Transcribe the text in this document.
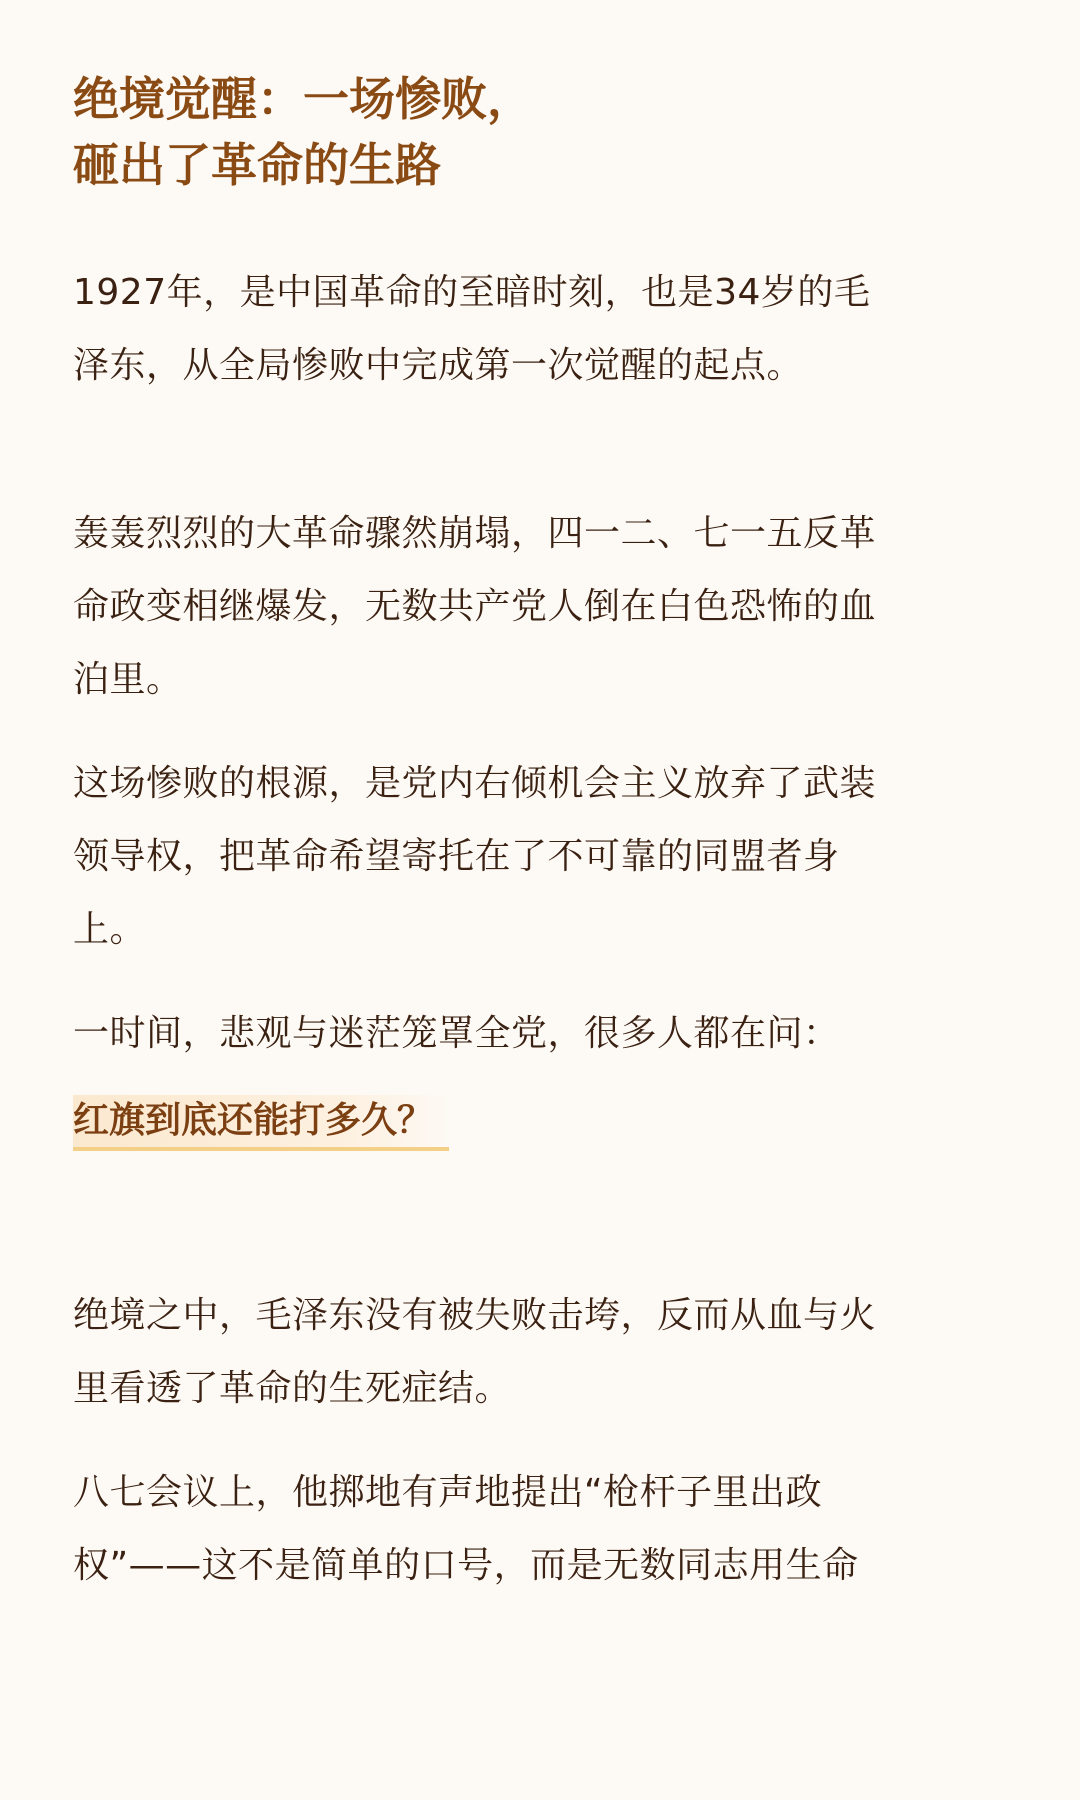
绝境觉醒：一场惨败，
砸出了革命的生路

1927年，是中国革命的至暗时刻，也是34岁的毛
泽东，从全局惨败中完成第一次觉醒的起点。

轰轰烈烈的大革命骤然崩塌，四一二、七一五反革
命政变相继爆发，无数共产党人倒在白色恐怖的血
泊里。

这场惨败的根源，是党内右倾机会主义放弃了武装
领导权，把革命希望寄托在了不可靠的同盟者身
上。

一时间，悲观与迷茫笼罩全党，很多人都在问：

红旗到底还能打多久？

绝境之中，毛泽东没有被失败击垮，反而从血与火
里看透了革命的生死症结。

八七会议上，他掷地有声地提出“枪杆子里出政
权”——这不是简单的口号，而是无数同志用生命
